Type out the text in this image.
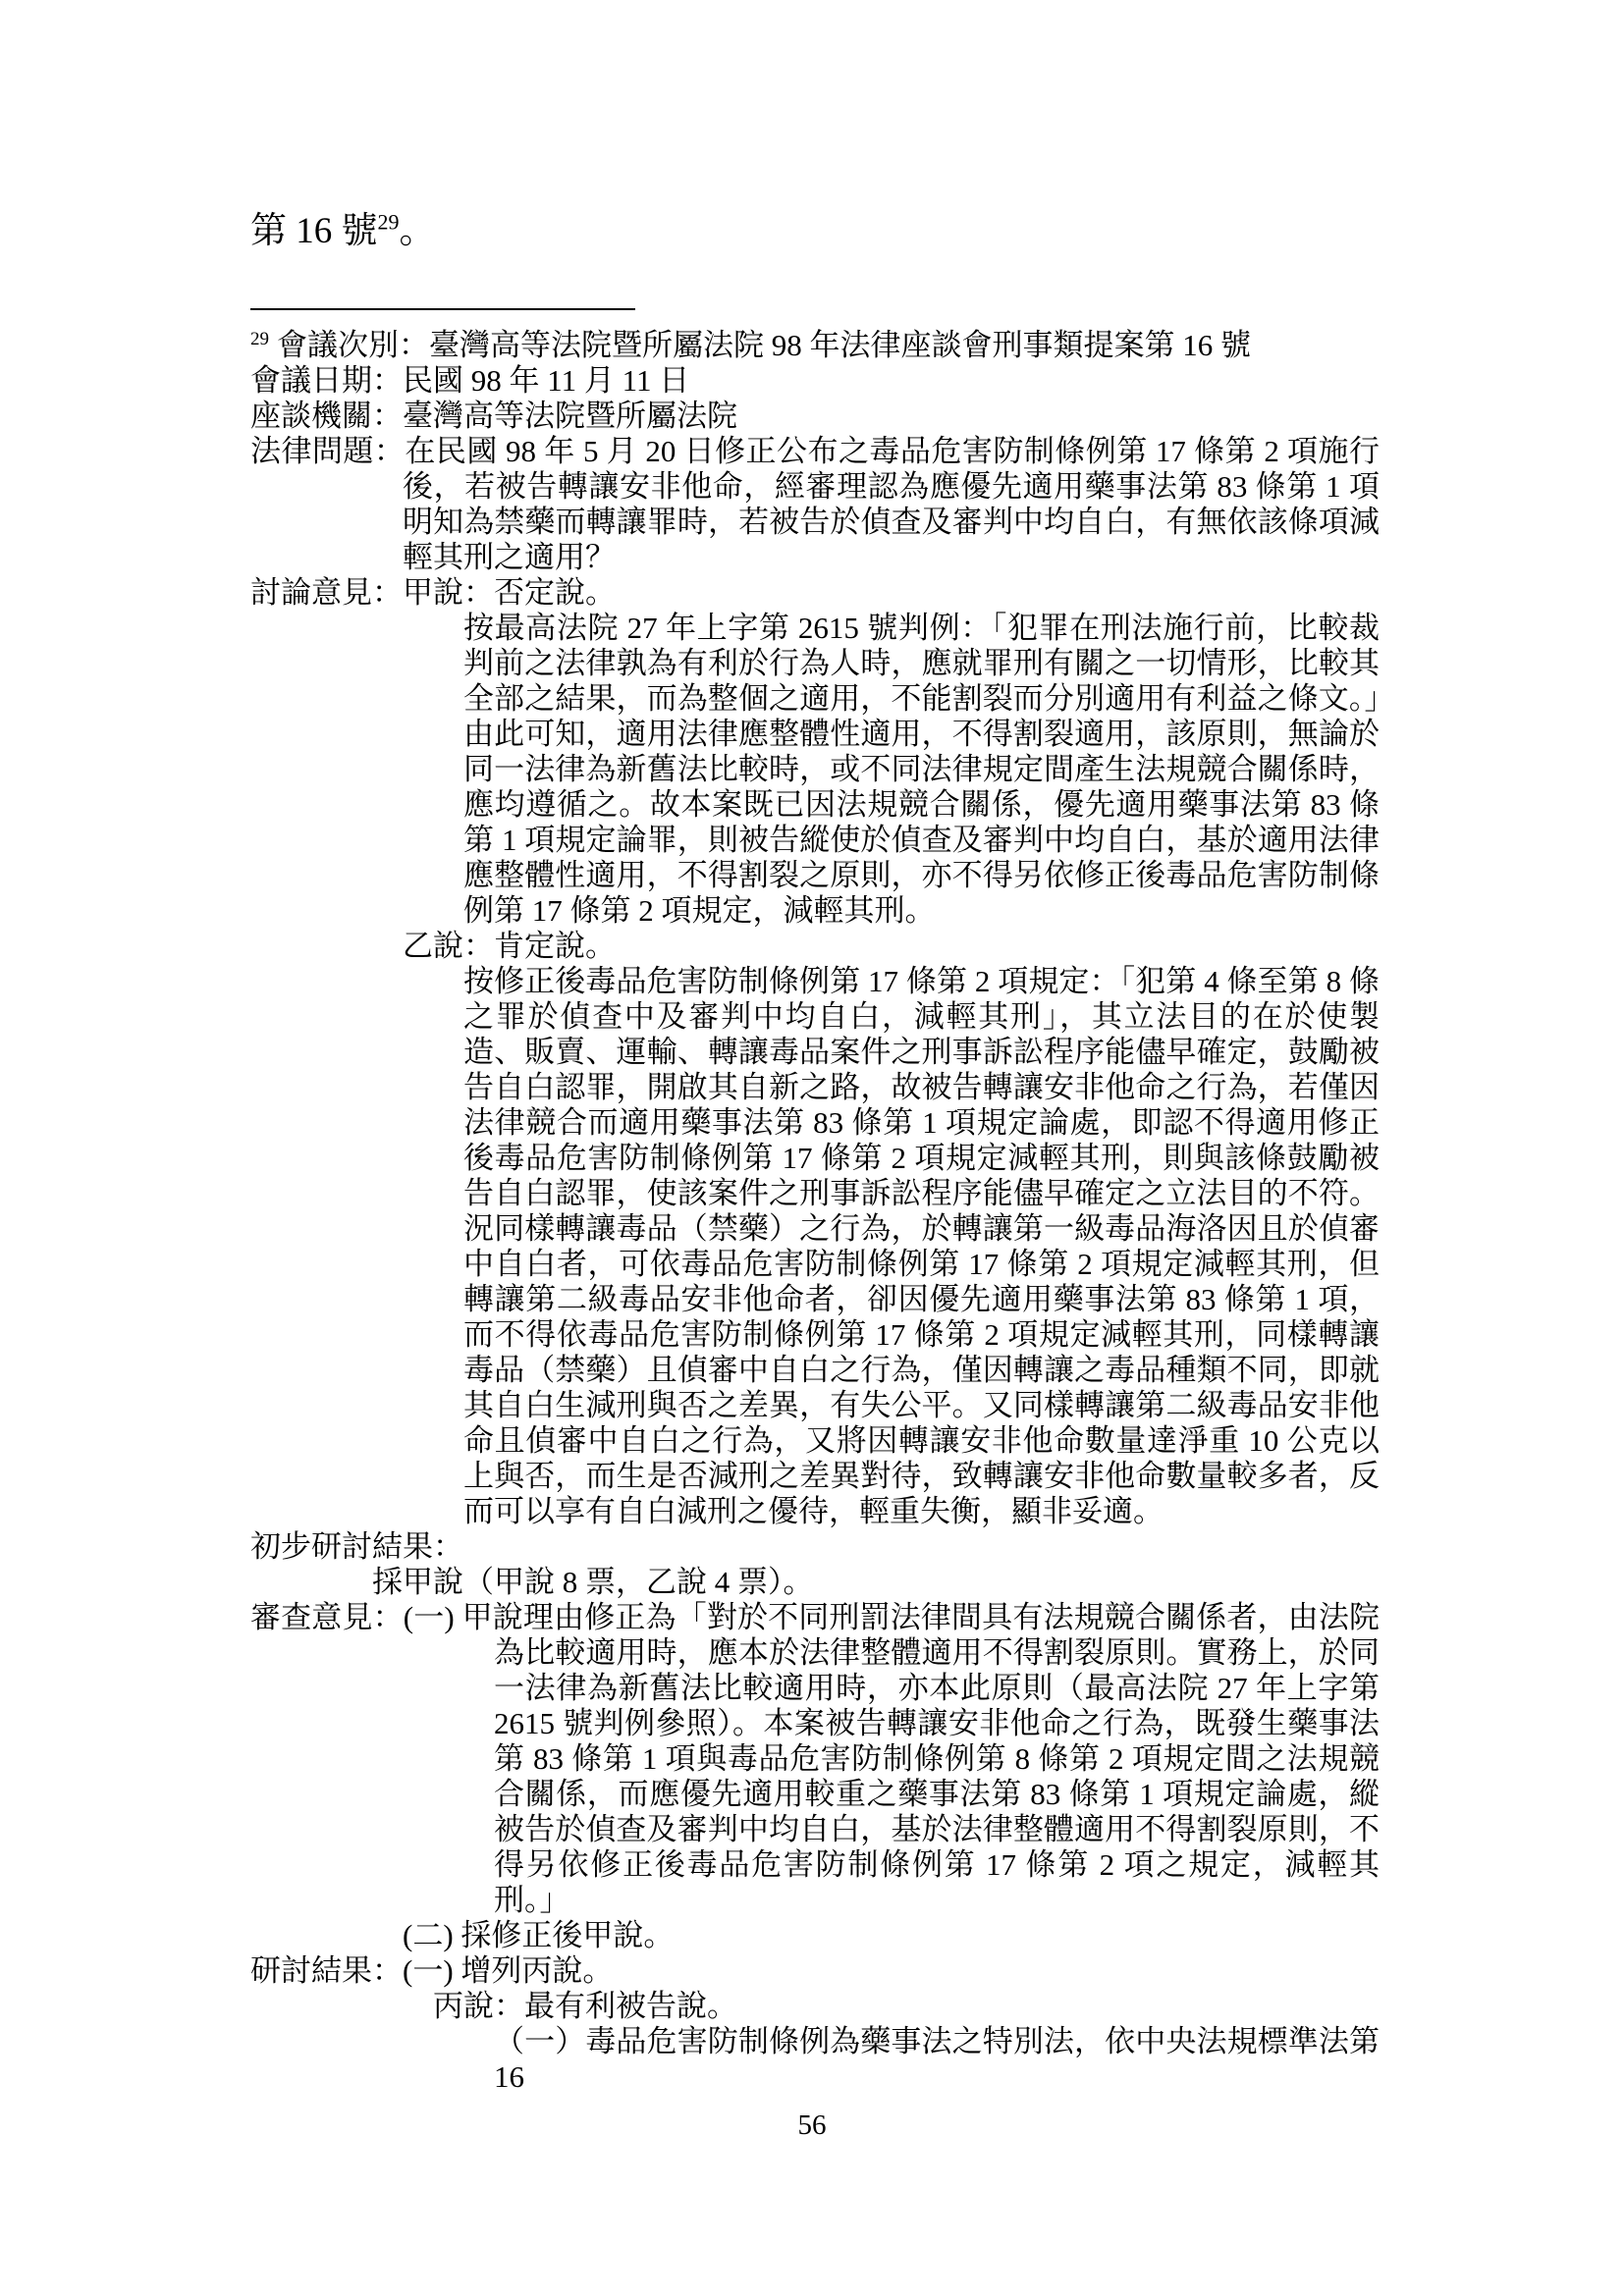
第 16 號$^{29}$。

$^{29}$ 會議次別：臺灣高等法院暨所屬法院 98 年法律座談會刑事類提案第 16 號

會議日期：民國 98 年 11 月 11 日

座談機關：臺灣高等法院暨所屬法院

法律問題：在民國 98 年 5 月 20 日修正公布之毒品危害防制條例第 17 條第 2 項施行後，若被告轉讓安非他命，經審理認為應優先適用藥事法第 83 條第 1 項明知為禁藥而轉讓罪時，若被告於偵查及審判中均自白，有無依該條項減輕其刑之適用？

討論意見：甲說：否定說。

按最高法院 27 年上字第 2615 號判例：「犯罪在刑法施行前，比較裁判前之法律孰為有利於行為人時，應就罪刑有關之一切情形，比較其全部之結果，而為整個之適用，不能割裂而分別適用有利益之條文。」由此可知，適用法律應整體性適用，不得割裂適用，該原則，無論於同一法律為新舊法比較時，或不同法律規定間產生法規競合關係時，應均遵循之。故本案既已因法規競合關係，優先適用藥事法第 83 條第 1 項規定論罪，則被告縱使於偵查及審判中均自白，基於適用法律應整體性適用，不得割裂之原則，亦不得另依修正後毒品危害防制條例第 17 條第 2 項規定，減輕其刑。

乙說：肯定說。

按修正後毒品危害防制條例第 17 條第 2 項規定：「犯第 4 條至第 8 條之罪於偵查中及審判中均自白，減輕其刑」，其立法目的在於使製造、販賣、運輸、轉讓毒品案件之刑事訴訟程序能儘早確定，鼓勵被告自白認罪，開啟其自新之路，故被告轉讓安非他命之行為，若僅因法律競合而適用藥事法第 83 條第 1 項規定論處，即認不得適用修正後毒品危害防制條例第 17 條第 2 項規定減輕其刑，則與該條鼓勵被告自白認罪，使該案件之刑事訴訟程序能儘早確定之立法目的不符。況同樣轉讓毒品（禁藥）之行為，於轉讓第一級毒品海洛因且於偵審中自白者，可依毒品危害防制條例第 17 條第 2 項規定減輕其刑，但轉讓第二級毒品安非他命者，卻因優先適用藥事法第 83 條第 1 項，而不得依毒品危害防制條例第 17 條第 2 項規定減輕其刑，同樣轉讓毒品（禁藥）且偵審中自白之行為，僅因轉讓之毒品種類不同，即就其自白生減刑與否之差異，有失公平。又同樣轉讓第二級毒品安非他命且偵審中自白之行為，又將因轉讓安非他命數量達淨重 10 公克以上與否，而生是否減刑之差異對待，致轉讓安非他命數量較多者，反而可以享有自白減刑之優待，輕重失衡，顯非妥適。

初步研討結果：

採甲說（甲說 8 票，乙說 4 票）。

審查意見：(一) 甲說理由修正為「對於不同刑罰法律間具有法規競合關係者，由法院為比較適用時，應本於法律整體適用不得割裂原則。實務上，於同一法律為新舊法比較適用時，亦本此原則（最高法院 27 年上字第 2615 號判例參照）。本案被告轉讓安非他命之行為，既發生藥事法第 83 條第 1 項與毒品危害防制條例第 8 條第 2 項規定間之法規競合關係，而應優先適用較重之藥事法第 83 條第 1 項規定論處，縱被告於偵查及審判中均自白，基於法律整體適用不得割裂原則，不得另依修正後毒品危害防制條例第 17 條第 2 項之規定，減輕其刑。」

(二) 採修正後甲說。

研討結果：(一) 增列丙說。

丙說：最有利被告說。

（一）毒品危害防制條例為藥事法之特別法，依中央法規標準法第 16

56
